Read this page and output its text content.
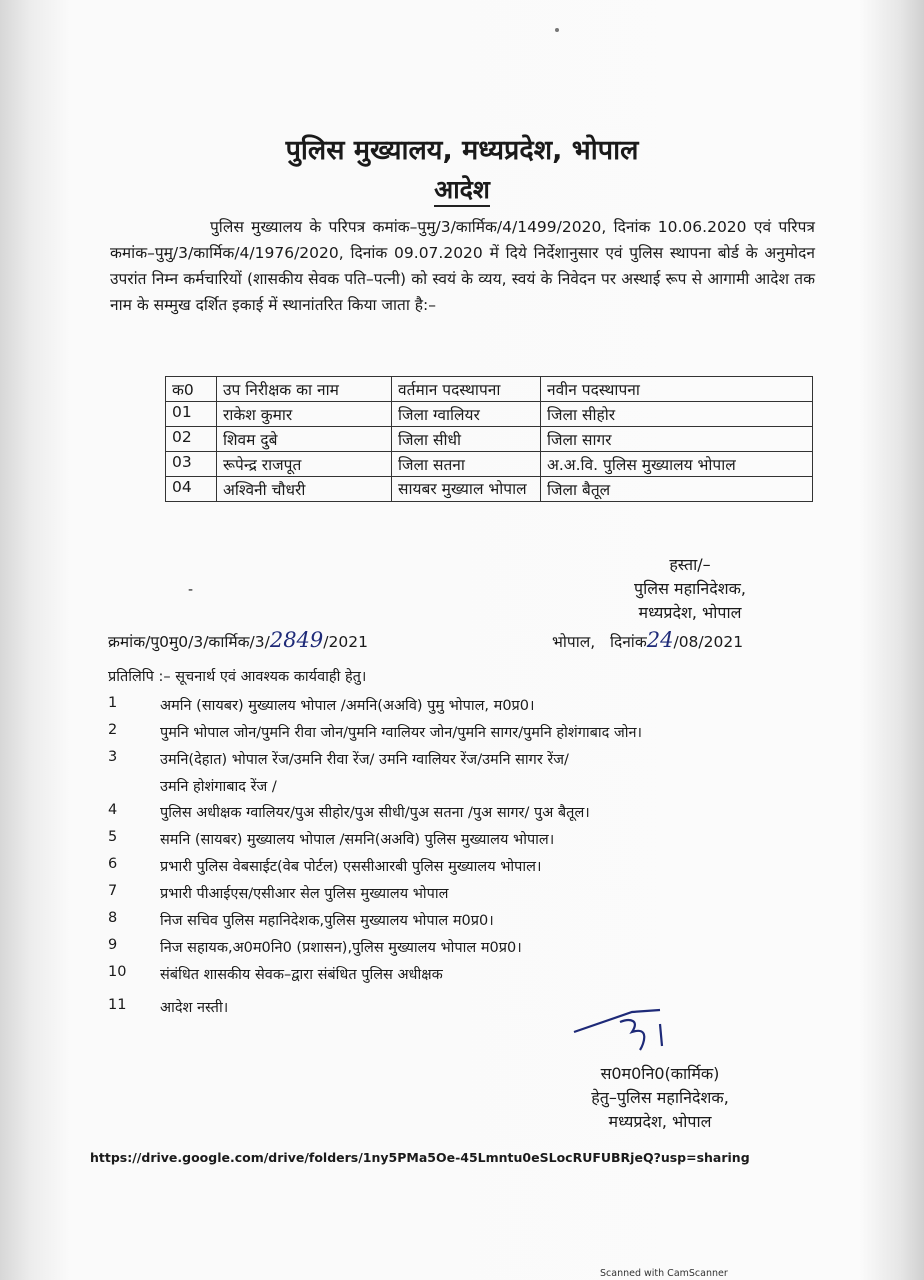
पुलिस मुख्यालय, मध्यप्रदेश, भोपाल
आदेश
पुलिस मुख्यालय के परिपत्र कमांक–पुमु/3/कार्मिक/4/1499/2020, दिनांक 10.06.2020 एवं परिपत्र कमांक–पुमु/3/कार्मिक/4/1976/2020, दिनांक 09.07.2020 में दिये निर्देशानुसार एवं पुलिस स्थापना बोर्ड के अनुमोदन उपरांत निम्न कर्मचारियों (शासकीय सेवक पति–पत्नी) को स्वयं के व्यय, स्वयं के निवेदन पर अस्थाई रूप से आगामी आदेश तक नाम के सम्मुख दर्शित इकाई में स्थानांतरित किया जाता है:–
क0	उप निरीक्षक का नाम	वर्तमान पदस्थापना	नवीन पदस्थापना
01	राकेश कुमार	जिला ग्वालियर	जिला सीहोर
02	शिवम दुबे	जिला सीधी	जिला सागर
03	रूपेन्द्र राजपूत	जिला सतना	अ.अ.वि. पुलिस मुख्यालय भोपाल
04	अश्विनी चौधरी	सायबर मुख्याल भोपाल	जिला बैतूल
हस्ता/–
पुलिस महानिदेशक,
मध्यप्रदेश, भोपाल
-
क्रमांक/पु0मु0/3/कार्मिक/3/2849/2021	भोपाल, दिनांक24/08/2021
प्रतिलिपि :– सूचनार्थ एवं आवश्यक कार्यवाही हेतु।
1	अमनि (सायबर) मुख्यालय भोपाल /अमनि(अअवि) पुमु भोपाल, म0प्र0।
2	पुमनि भोपाल जोन/पुमनि रीवा जोन/पुमनि ग्वालियर जोन/पुमनि सागर/पुमनि होशंगाबाद जोन।
3	उमनि(देहात) भोपाल रेंज/उमनि रीवा रेंज/ उमनि ग्वालियर रेंज/उमनि सागर रेंज/
उमनि होशंगाबाद रेंज /
4	पुलिस अधीक्षक ग्वालियर/पुअ सीहोर/पुअ सीधी/पुअ सतना /पुअ सागर/ पुअ बैतूल।
5	समनि (सायबर) मुख्यालय भोपाल /समनि(अअवि) पुलिस मुख्यालय भोपाल।
6	प्रभारी पुलिस वेबसाईट(वेब पोर्टल) एससीआरबी पुलिस मुख्यालय भोपाल।
7	प्रभारी पीआईएस/एसीआर सेल पुलिस मुख्यालय भोपाल
8	निज सचिव पुलिस महानिदेशक,पुलिस मुख्यालय भोपाल म0प्र0।
9	निज सहायक,अ0म0नि0 (प्रशासन),पुलिस मुख्यालय भोपाल म0प्र0।
10	संबंधित शासकीय सेवक–द्वारा संबंधित पुलिस अधीक्षक
11	आदेश नस्ती।
स0म0नि0(कार्मिक)
हेतु–पुलिस महानिदेशक,
मध्यप्रदेश, भोपाल
https://drive.google.com/drive/folders/1ny5PMa5Oe-45Lmntu0eSLocRUFUBRjeQ?usp=sharing
Scanned with CamScanner
